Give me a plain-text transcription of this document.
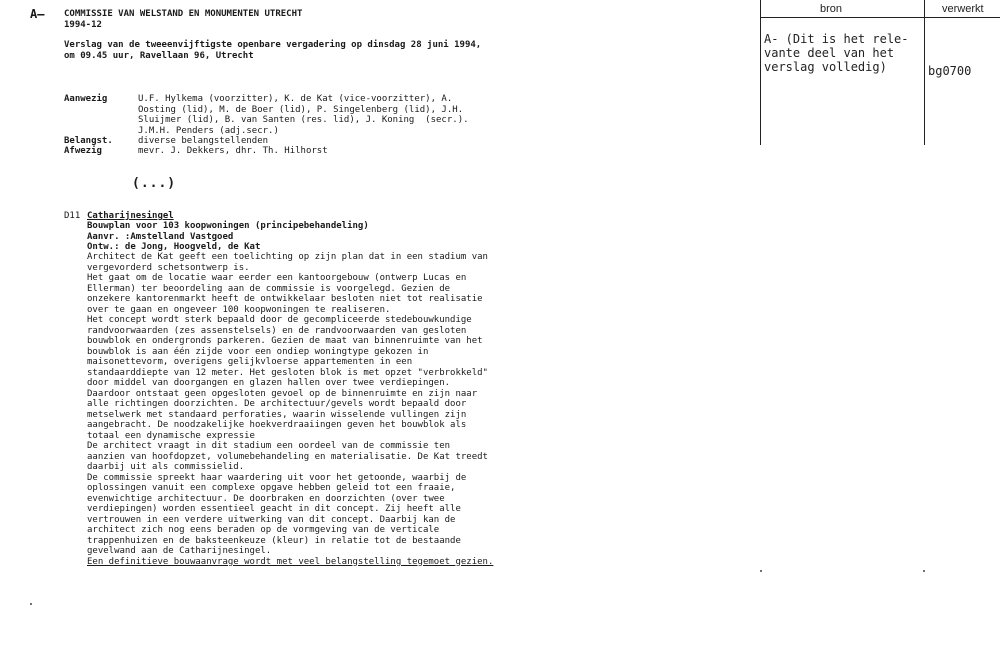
A— COMMISSIE VAN WELSTAND EN MONUMENTEN UTRECHT
1994-12
Verslag van de tweeenvijftigste openbare vergadering op dinsdag 28 juni 1994,
om 09.45 uur, Ravellaan 96, Utrecht
Aanwezig	U.F. Hylkema (voorzitter), K. de Kat (vice-voorzitter), A.
Oosting (lid), M. de Boer (lid), P. Singelenberg (lid), J.H.
Sluijmer (lid), B. van Santen (res. lid), J. Koning  (secr.).
J.M.H. Penders (adj.secr.)
Belangst.	diverse belangstellenden
Afwezig	mevr. J. Dekkers, dhr. Th. Hilhorst
(...)
D11 Catharijnesingel
Bouwplan voor 103 koopwoningen (principebehandeling)
Aanvr. :Amstelland Vastgoed
Ontw.: de Jong, Hoogveld, de Kat
Architect de Kat geeft een toelichting op zijn plan dat in een stadium van
vergevorderd schetsontwerp is.
Het gaat om de locatie waar eerder een kantoorgebouw (ontwerp Lucas en
Ellerman) ter beoordeling aan de commissie is voorgelegd. Gezien de
onzekere kantorenmarkt heeft de ontwikkelaar besloten niet tot realisatie
over te gaan en ongeveer 100 koopwoningen te realiseren.
Het concept wordt sterk bepaald door de gecompliceerde stedebouwkundige
randvoorwaarden (zes assenstelsels) en de randvoorwaarden van gesloten
bouwblok en ondergronds parkeren. Gezien de maat van binnenruimte van het
bouwblok is aan één zijde voor een ondiep woningtype gekozen in
maisonettevorm, overigens gelijkvloerse appartementen in een
standaarddiepte van 12 meter. Het gesloten blok is met opzet "verbrokkeld"
door middel van doorgangen en glazen hallen over twee verdiepingen.
Daardoor ontstaat geen opgesloten gevoel op de binnenruimte en zijn naar
alle richtingen doorzichten. De architectuur/gevels wordt bepaald door
metselwerk met standaard perforaties, waarin wisselende vullingen zijn
aangebracht. De noodzakelijke hoekverdraaiingen geven het bouwblok als
totaal een dynamische expressie
De architect vraagt in dit stadium een oordeel van de commissie ten
aanzien van hoofdopzet, volumebehandeling en materialisatie. De Kat treedt
daarbij uit als commissielid.
De commissie spreekt haar waardering uit voor het getoonde, waarbij de
oplossingen vanuit een complexe opgave hebben geleid tot een fraaie,
evenwichtige architectuur. De doorbraken en doorzichten (over twee
verdiepingen) worden essentieel geacht in dit concept. Zij heeft alle
vertrouwen in een verdere uitwerking van dit concept. Daarbij kan de
architect zich nog eens beraden op de vormgeving van de verticale
trappenhuizen en de baksteenkeuze (kleur) in relatie tot de bestaande
gevelwand aan de Catharijnesingel.
Een definitieve bouwaanvrage wordt met veel belangstelling tegemoet gezien.
bron	verwerkt
A- (Dit is het rele-
vante deel van het
verslag volledig)	bg0700
